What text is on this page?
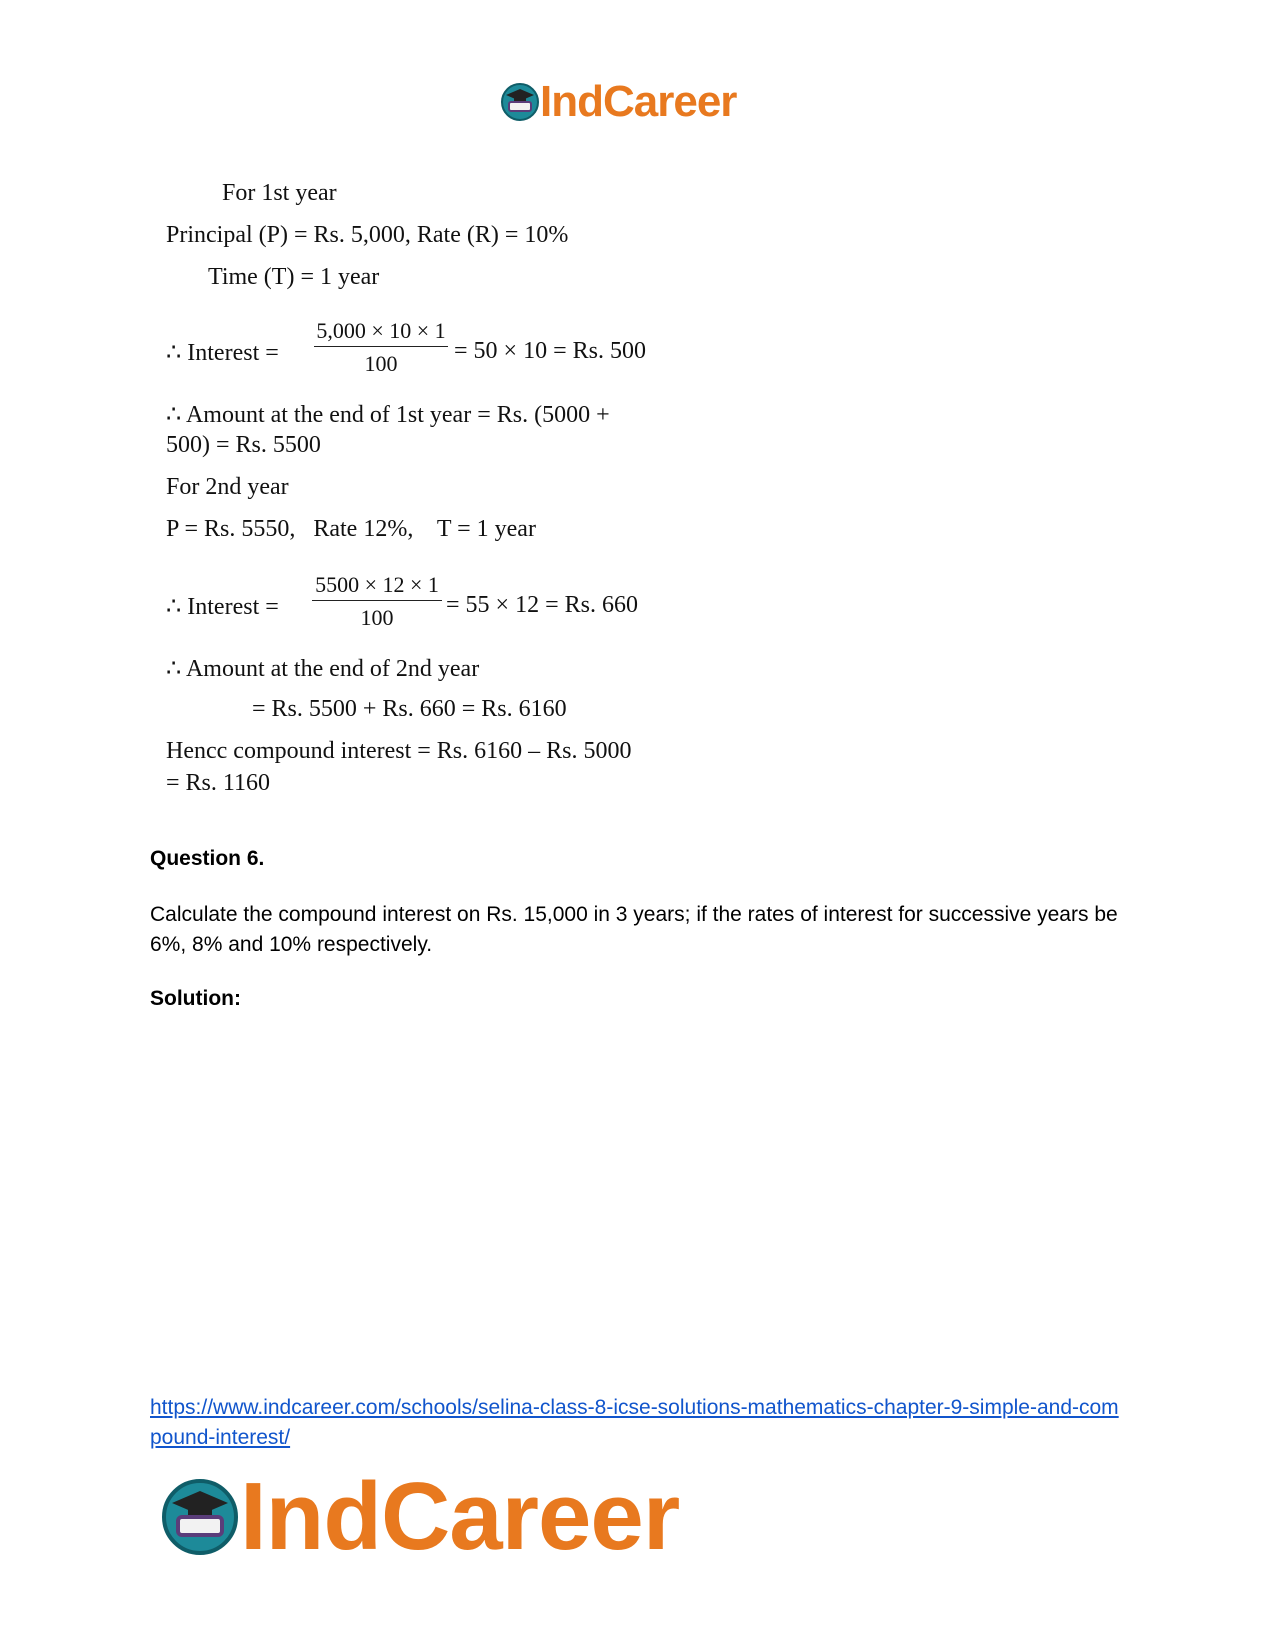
IndCareer
For 1st year
Principal (P) = Rs. 5,000, Rate (R) = 10%
Time (T) = 1 year
∴ Interest = $\frac{5,000 \times 10 \times 1}{100} = 50 \times 10 = Rs$. 500
∴ Amount at the end of 1st year = Rs. (5000 +
500) = Rs. 5500
For 2nd year
P = Rs. 5550,   Rate 12%,    T = 1 year
∴ Interest = $\frac{5500 \times 12 \times 1}{100} = 55 \times 12 = Rs$. 660
∴ Amount at the end of 2nd year
= Rs. 5500 + Rs. 660 = Rs. 6160
Hencc compound interest = Rs. 6160 – Rs. 5000
= Rs. 1160
Question 6.
Calculate the compound interest on Rs. 15,000 in 3 years; if the rates of interest for successive years be 6%, 8% and 10% respectively.
Solution:
https://www.indcareer.com/schools/selina-class-8-icse-solutions-mathematics-chapter-9-simple-and-compound-interest/
IndCareer
